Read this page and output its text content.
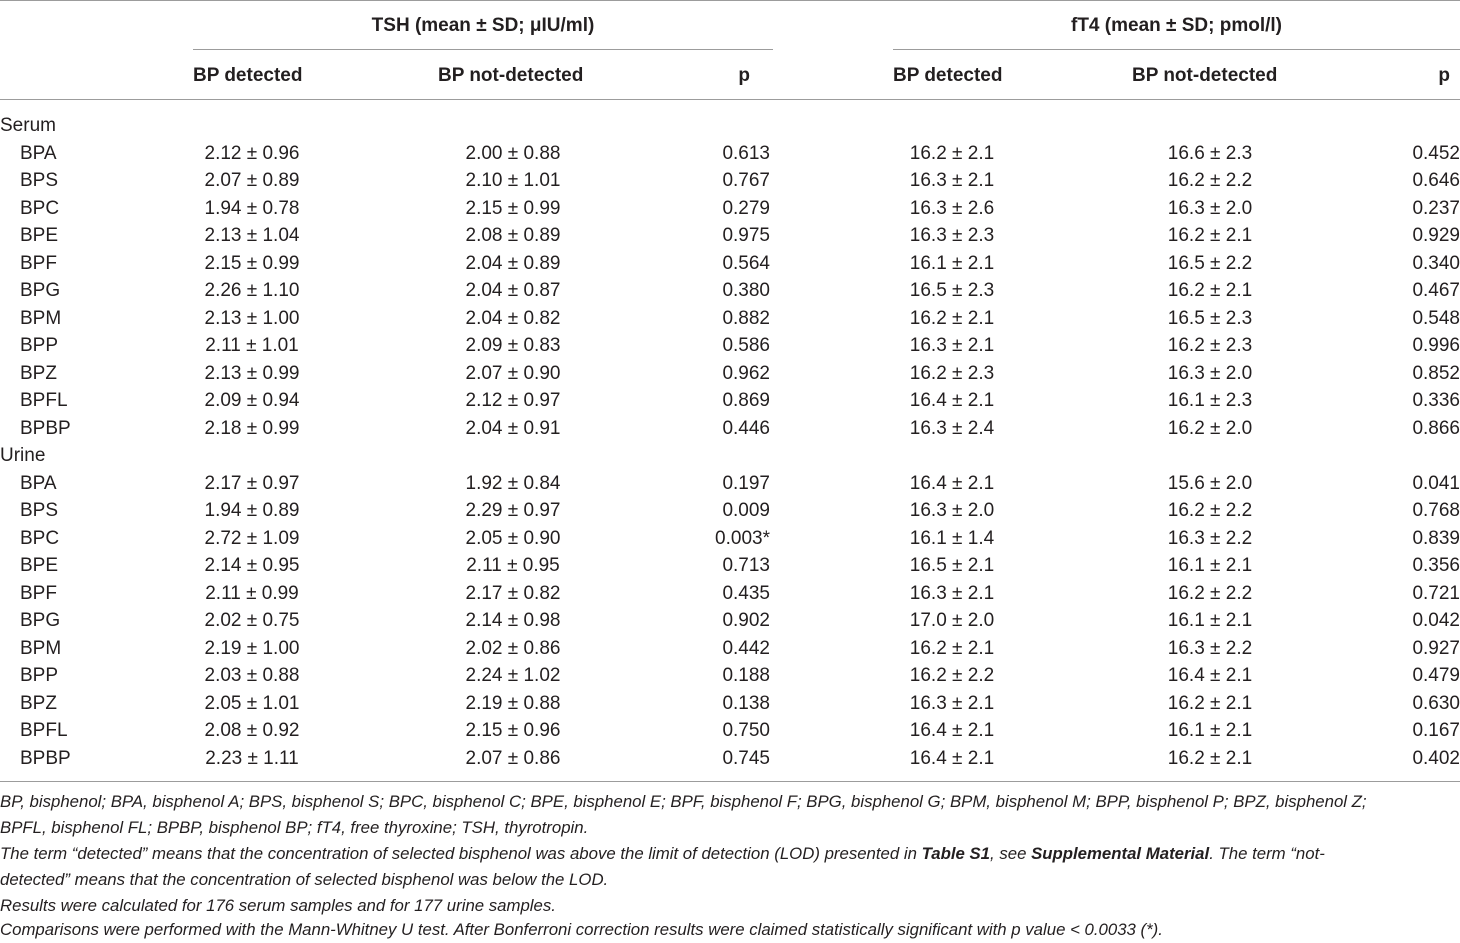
TSH (mean ± SD; μIU/ml)	fT4 (mean ± SD; pmol/l)
BP detected	BP not-detected	p	BP detected	BP not-detected	p
Serum
BPA	2.12 ± 0.96	2.00 ± 0.88	0.613	16.2 ± 2.1	16.6 ± 2.3	0.452
BPS	2.07 ± 0.89	2.10 ± 1.01	0.767	16.3 ± 2.1	16.2 ± 2.2	0.646
BPC	1.94 ± 0.78	2.15 ± 0.99	0.279	16.3 ± 2.6	16.3 ± 2.0	0.237
BPE	2.13 ± 1.04	2.08 ± 0.89	0.975	16.3 ± 2.3	16.2 ± 2.1	0.929
BPF	2.15 ± 0.99	2.04 ± 0.89	0.564	16.1 ± 2.1	16.5 ± 2.2	0.340
BPG	2.26 ± 1.10	2.04 ± 0.87	0.380	16.5 ± 2.3	16.2 ± 2.1	0.467
BPM	2.13 ± 1.00	2.04 ± 0.82	0.882	16.2 ± 2.1	16.5 ± 2.3	0.548
BPP	2.11 ± 1.01	2.09 ± 0.83	0.586	16.3 ± 2.1	16.2 ± 2.3	0.996
BPZ	2.13 ± 0.99	2.07 ± 0.90	0.962	16.2 ± 2.3	16.3 ± 2.0	0.852
BPFL	2.09 ± 0.94	2.12 ± 0.97	0.869	16.4 ± 2.1	16.1 ± 2.3	0.336
BPBP	2.18 ± 0.99	2.04 ± 0.91	0.446	16.3 ± 2.4	16.2 ± 2.0	0.866
Urine
BPA	2.17 ± 0.97	1.92 ± 0.84	0.197	16.4 ± 2.1	15.6 ± 2.0	0.041
BPS	1.94 ± 0.89	2.29 ± 0.97	0.009	16.3 ± 2.0	16.2 ± 2.2	0.768
BPC	2.72 ± 1.09	2.05 ± 0.90	0.003*	16.1 ± 1.4	16.3 ± 2.2	0.839
BPE	2.14 ± 0.95	2.11 ± 0.95	0.713	16.5 ± 2.1	16.1 ± 2.1	0.356
BPF	2.11 ± 0.99	2.17 ± 0.82	0.435	16.3 ± 2.1	16.2 ± 2.2	0.721
BPG	2.02 ± 0.75	2.14 ± 0.98	0.902	17.0 ± 2.0	16.1 ± 2.1	0.042
BPM	2.19 ± 1.00	2.02 ± 0.86	0.442	16.2 ± 2.1	16.3 ± 2.2	0.927
BPP	2.03 ± 0.88	2.24 ± 1.02	0.188	16.2 ± 2.2	16.4 ± 2.1	0.479
BPZ	2.05 ± 1.01	2.19 ± 0.88	0.138	16.3 ± 2.1	16.2 ± 2.1	0.630
BPFL	2.08 ± 0.92	2.15 ± 0.96	0.750	16.4 ± 2.1	16.1 ± 2.1	0.167
BPBP	2.23 ± 1.11	2.07 ± 0.86	0.745	16.4 ± 2.1	16.2 ± 2.1	0.402
BP, bisphenol; BPA, bisphenol A; BPS, bisphenol S; BPC, bisphenol C; BPE, bisphenol E; BPF, bisphenol F; BPG, bisphenol G; BPM, bisphenol M; BPP, bisphenol P; BPZ, bisphenol Z;
BPFL, bisphenol FL; BPBP, bisphenol BP; fT4, free thyroxine; TSH, thyrotropin.
The term “detected” means that the concentration of selected bisphenol was above the limit of detection (LOD) presented in Table S1, see Supplemental Material. The term “not-
detected” means that the concentration of selected bisphenol was below the LOD.
Results were calculated for 176 serum samples and for 177 urine samples.
Comparisons were performed with the Mann-Whitney U test. After Bonferroni correction results were claimed statistically significant with p value < 0.0033 (*).
